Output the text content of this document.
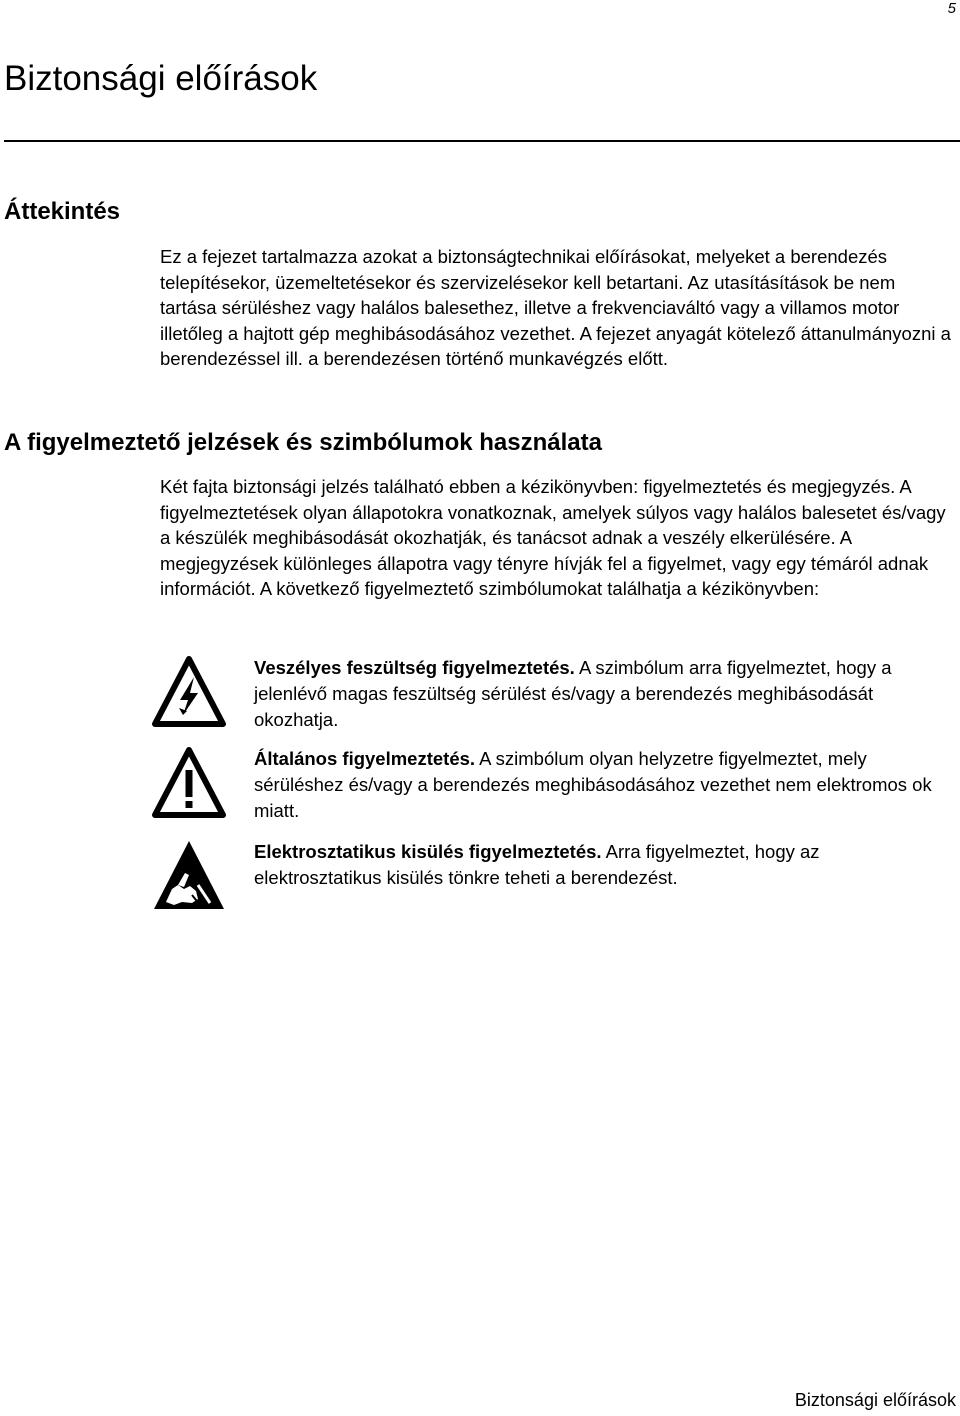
5
Biztonsági előírások
Áttekintés

Ez a fejezet tartalmazza azokat a biztonságtechnikai előírásokat, melyeket a berendezés telepítésekor, üzemeltetésekor és szervizelésekor kell betartani. Az utasításítások be nem tartása sérüléshez vagy halálos balesethez, illetve a frekvenciaváltó vagy a villamos motor illetőleg a hajtott gép meghibásodásához vezethet. A fejezet anyagát kötelező áttanulmányozni a berendezéssel ill. a berendezésen történő munkavégzés előtt.

A figyelmeztető jelzések és szimbólumok használata

Két fajta biztonsági jelzés található ebben a kézikönyvben: figyelmeztetés és megjegyzés. A figyelmeztetések olyan állapotokra vonatkoznak, amelyek súlyos vagy halálos balesetet és/vagy a készülék meghibásodását okozhatják, és tanácsot adnak a veszély elkerülésére. A megjegyzések különleges állapotra vagy tényre hívják fel a figyelmet, vagy egy témáról adnak információt. A következő figyelmeztető szimbólumokat találhatja a kézikönyvben:

Veszélyes feszültség figyelmeztetés. A szimbólum arra figyelmeztet, hogy a jelenlévő magas feszültség sérülést és/vagy a berendezés meghibásodását okozhatja.

Általános figyelmeztetés. A szimbólum olyan helyzetre figyelmeztet, mely sérüléshez és/vagy a berendezés meghibásodásához vezethet nem elektromos ok miatt.

Elektrosztatikus kisülés figyelmeztetés. Arra figyelmeztet, hogy az elektrosztatikus kisülés tönkre teheti a berendezést.

Biztonsági előírások
